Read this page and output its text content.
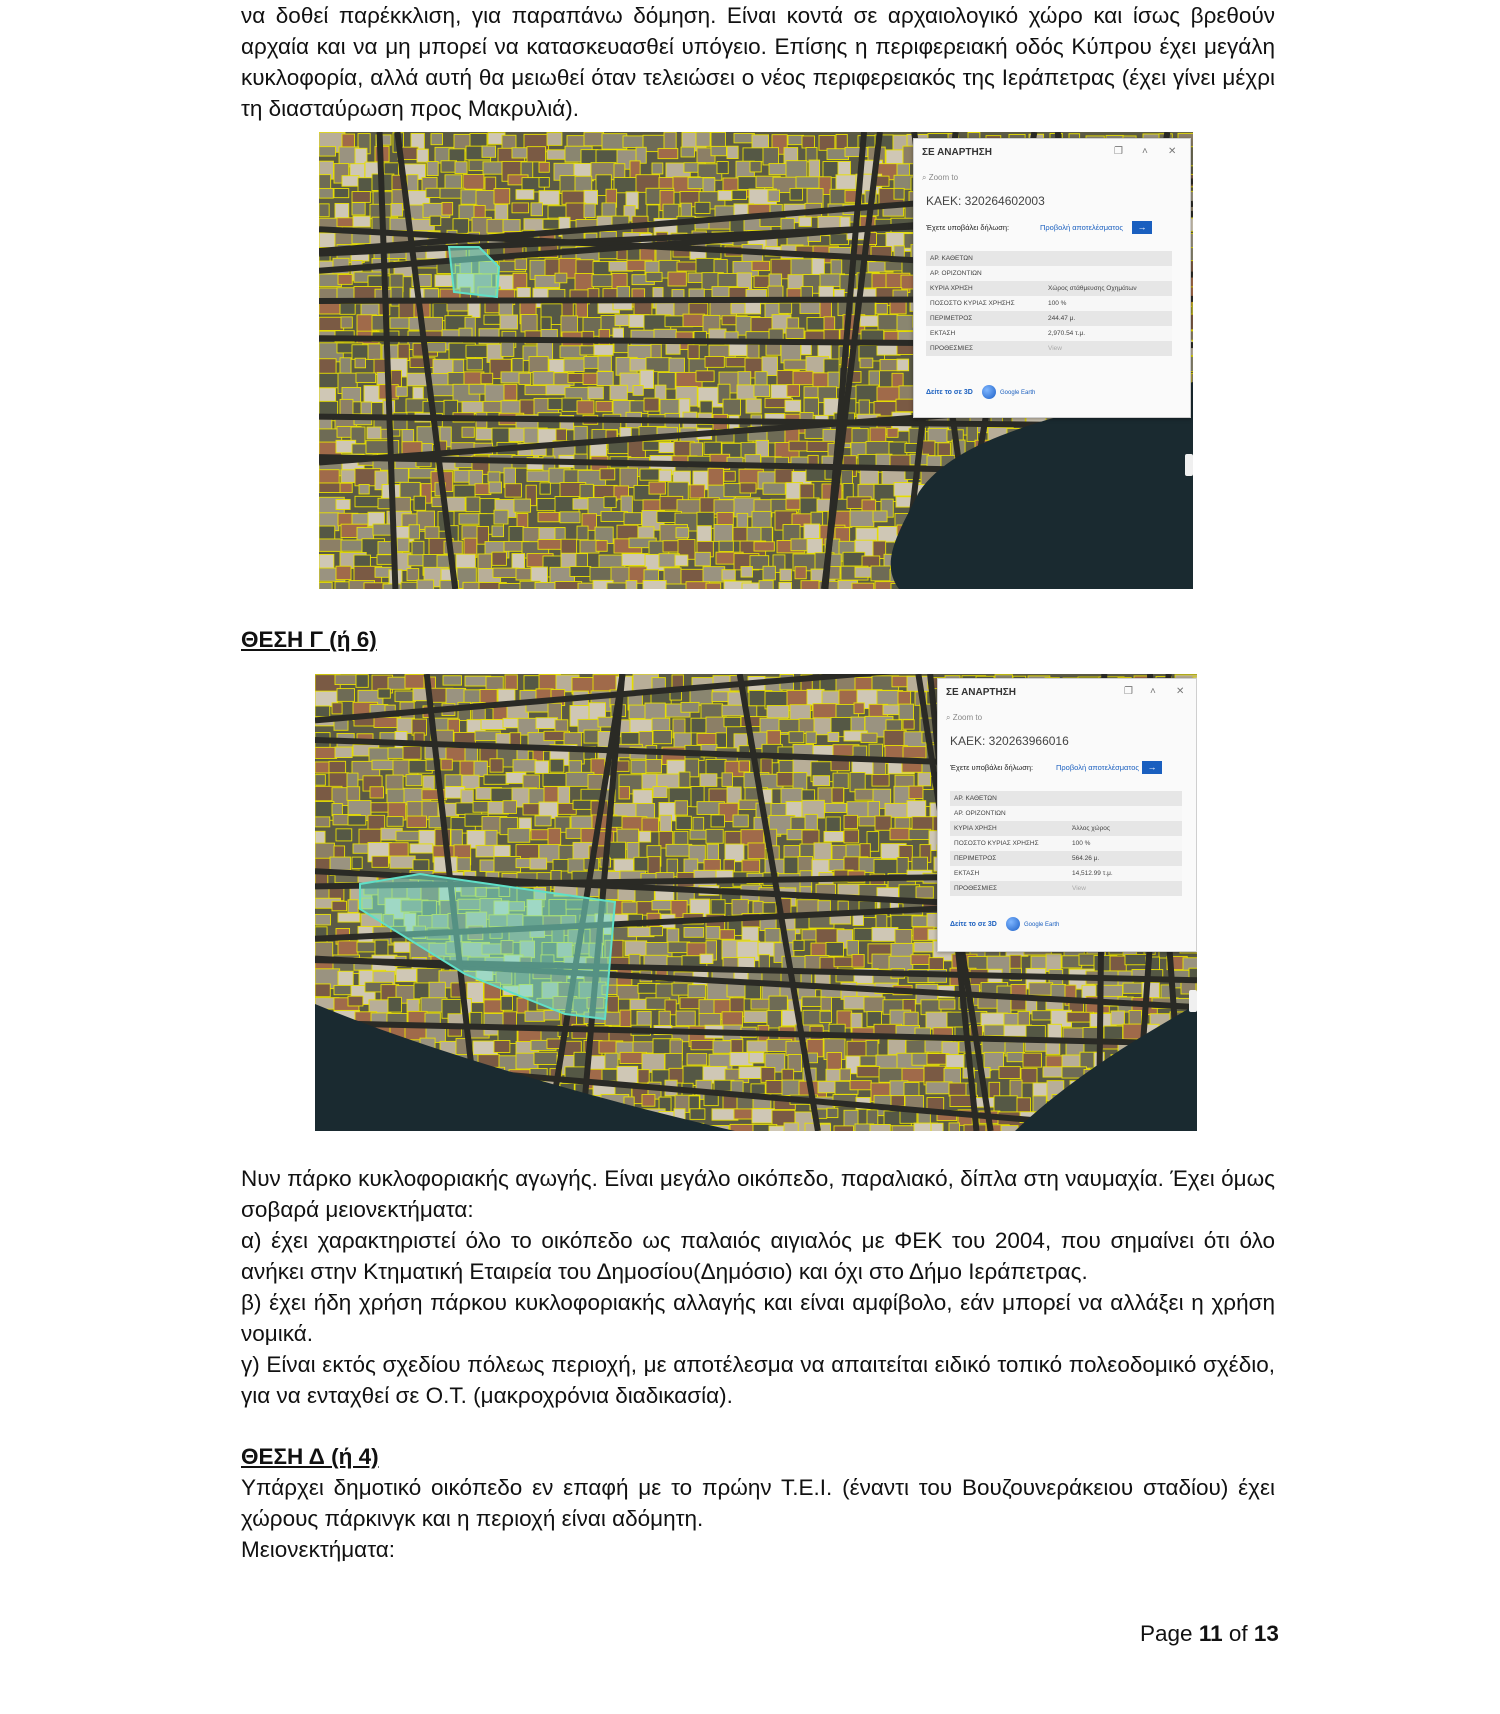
να δοθεί παρέκκλιση, για παραπάνω δόμηση. Είναι κοντά σε αρχαιολογικό χώρο και ίσως βρεθούν αρχαία και να μη μπορεί να κατασκευασθεί υπόγειο. Επίσης η περιφερειακή οδός Κύπρου έχει μεγάλη κυκλοφορία, αλλά αυτή θα μειωθεί όταν τελειώσει ο νέος περιφερειακός της Ιεράπετρας (έχει γίνει μέχρι τη διασταύρωση προς Μακρυλιά).

ΣΕ ΑΝΑΡΤΗΣΗ	❐ ˄ ✕
⌕ Zoom to
ΚΑΕΚ: 320264602003
Έχετε υποβάλει δήλωση:	Προβολή αποτελέσματος	→
ΑΡ. ΚΑΘΕΤΩΝ	
ΑΡ. ΟΡΙΖΟΝΤΙΩΝ	
ΚΥΡΙΑ ΧΡΗΣΗ	Χώρος στάθμευσης Οχημάτων
ΠΟΣΟΣΤΟ ΚΥΡΙΑΣ ΧΡΗΣΗΣ	100 %
ΠΕΡΙΜΕΤΡΟΣ	244.47 μ.
ΕΚΤΑΣΗ	2,970.54 τ.μ.
ΠΡΟΘΕΣΜΙΕΣ	View
Δείτε το σε 3D	Google Earth

ΘΕΣΗ Γ (ή 6)

ΣΕ ΑΝΑΡΤΗΣΗ	❐ ˄ ✕
⌕ Zoom to
ΚΑΕΚ: 320263966016
Έχετε υποβάλει δήλωση:	Προβολή αποτελέσματος →
ΑΡ. ΚΑΘΕΤΩΝ	
ΑΡ. ΟΡΙΖΟΝΤΙΩΝ	
ΚΥΡΙΑ ΧΡΗΣΗ	Άλλος χώρος
ΠΟΣΟΣΤΟ ΚΥΡΙΑΣ ΧΡΗΣΗΣ	100 %
ΠΕΡΙΜΕΤΡΟΣ	564.26 μ.
ΕΚΤΑΣΗ	14,512.99 τ.μ.
ΠΡΟΘΕΣΜΙΕΣ	View
Δείτε το σε 3D	Google Earth

Νυν πάρκο κυκλοφοριακής αγωγής. Είναι μεγάλο οικόπεδο, παραλιακό, δίπλα στη ναυμαχία. Έχει όμως σοβαρά μειονεκτήματα:

α) έχει χαρακτηριστεί όλο το οικόπεδο ως παλαιός αιγιαλός με ΦΕΚ του 2004, που σημαίνει ότι όλο ανήκει στην Κτηματική Εταιρεία του Δημοσίου(Δημόσιο) και όχι στο Δήμο Ιεράπετρας.

β) έχει ήδη χρήση πάρκου κυκλοφοριακής αλλαγής και είναι αμφίβολο, εάν μπορεί να αλλάξει η χρήση νομικά.

γ) Είναι εκτός σχεδίου πόλεως περιοχή, με αποτέλεσμα να απαιτείται ειδικό τοπικό πολεοδομικό σχέδιο, για να ενταχθεί σε Ο.Τ. (μακροχρόνια διαδικασία).

ΘΕΣΗ Δ (ή 4)

Υπάρχει δημοτικό οικόπεδο εν επαφή με το πρώην Τ.Ε.Ι. (έναντι του Βουζουνεράκειου σταδίου) έχει χώρους πάρκινγκ και η περιοχή είναι αδόμητη.

Μειονεκτήματα:

Page 11 of 13
